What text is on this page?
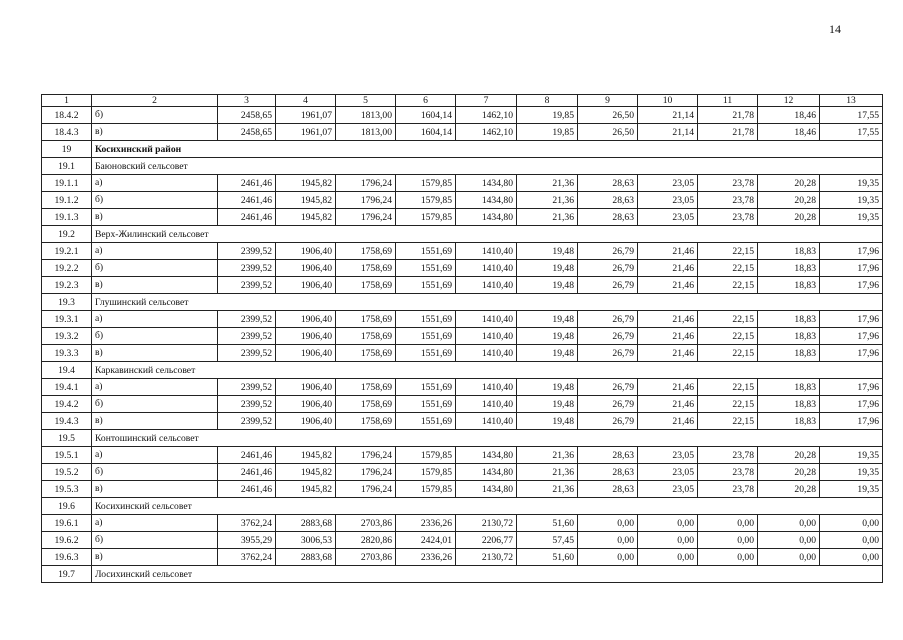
14
1	2	3	4	5	6	7	8	9	10	11	12	13
18.4.2	б)	2458,65	1961,07	1813,00	1604,14	1462,10	19,85	26,50	21,14	21,78	18,46	17,55
18.4.3	в)	2458,65	1961,07	1813,00	1604,14	1462,10	19,85	26,50	21,14	21,78	18,46	17,55
19	Косихинский район											
19.1	Баюновский сельсовет											
19.1.1	а)	2461,46	1945,82	1796,24	1579,85	1434,80	21,36	28,63	23,05	23,78	20,28	19,35
19.1.2	б)	2461,46	1945,82	1796,24	1579,85	1434,80	21,36	28,63	23,05	23,78	20,28	19,35
19.1.3	в)	2461,46	1945,82	1796,24	1579,85	1434,80	21,36	28,63	23,05	23,78	20,28	19,35
19.2	Верх-Жилинский сельсовет											
19.2.1	а)	2399,52	1906,40	1758,69	1551,69	1410,40	19,48	26,79	21,46	22,15	18,83	17,96
19.2.2	б)	2399,52	1906,40	1758,69	1551,69	1410,40	19,48	26,79	21,46	22,15	18,83	17,96
19.2.3	в)	2399,52	1906,40	1758,69	1551,69	1410,40	19,48	26,79	21,46	22,15	18,83	17,96
19.3	Глушинский сельсовет											
19.3.1	а)	2399,52	1906,40	1758,69	1551,69	1410,40	19,48	26,79	21,46	22,15	18,83	17,96
19.3.2	б)	2399,52	1906,40	1758,69	1551,69	1410,40	19,48	26,79	21,46	22,15	18,83	17,96
19.3.3	в)	2399,52	1906,40	1758,69	1551,69	1410,40	19,48	26,79	21,46	22,15	18,83	17,96
19.4	Каркавинский сельсовет											
19.4.1	а)	2399,52	1906,40	1758,69	1551,69	1410,40	19,48	26,79	21,46	22,15	18,83	17,96
19.4.2	б)	2399,52	1906,40	1758,69	1551,69	1410,40	19,48	26,79	21,46	22,15	18,83	17,96
19.4.3	в)	2399,52	1906,40	1758,69	1551,69	1410,40	19,48	26,79	21,46	22,15	18,83	17,96
19.5	Контошинский сельсовет											
19.5.1	а)	2461,46	1945,82	1796,24	1579,85	1434,80	21,36	28,63	23,05	23,78	20,28	19,35
19.5.2	б)	2461,46	1945,82	1796,24	1579,85	1434,80	21,36	28,63	23,05	23,78	20,28	19,35
19.5.3	в)	2461,46	1945,82	1796,24	1579,85	1434,80	21,36	28,63	23,05	23,78	20,28	19,35
19.6	Косихинский сельсовет											
19.6.1	а)	3762,24	2883,68	2703,86	2336,26	2130,72	51,60	0,00	0,00	0,00	0,00	0,00
19.6.2	б)	3955,29	3006,53	2820,86	2424,01	2206,77	57,45	0,00	0,00	0,00	0,00	0,00
19.6.3	в)	3762,24	2883,68	2703,86	2336,26	2130,72	51,60	0,00	0,00	0,00	0,00	0,00
19.7	Лосихинский сельсовет											
